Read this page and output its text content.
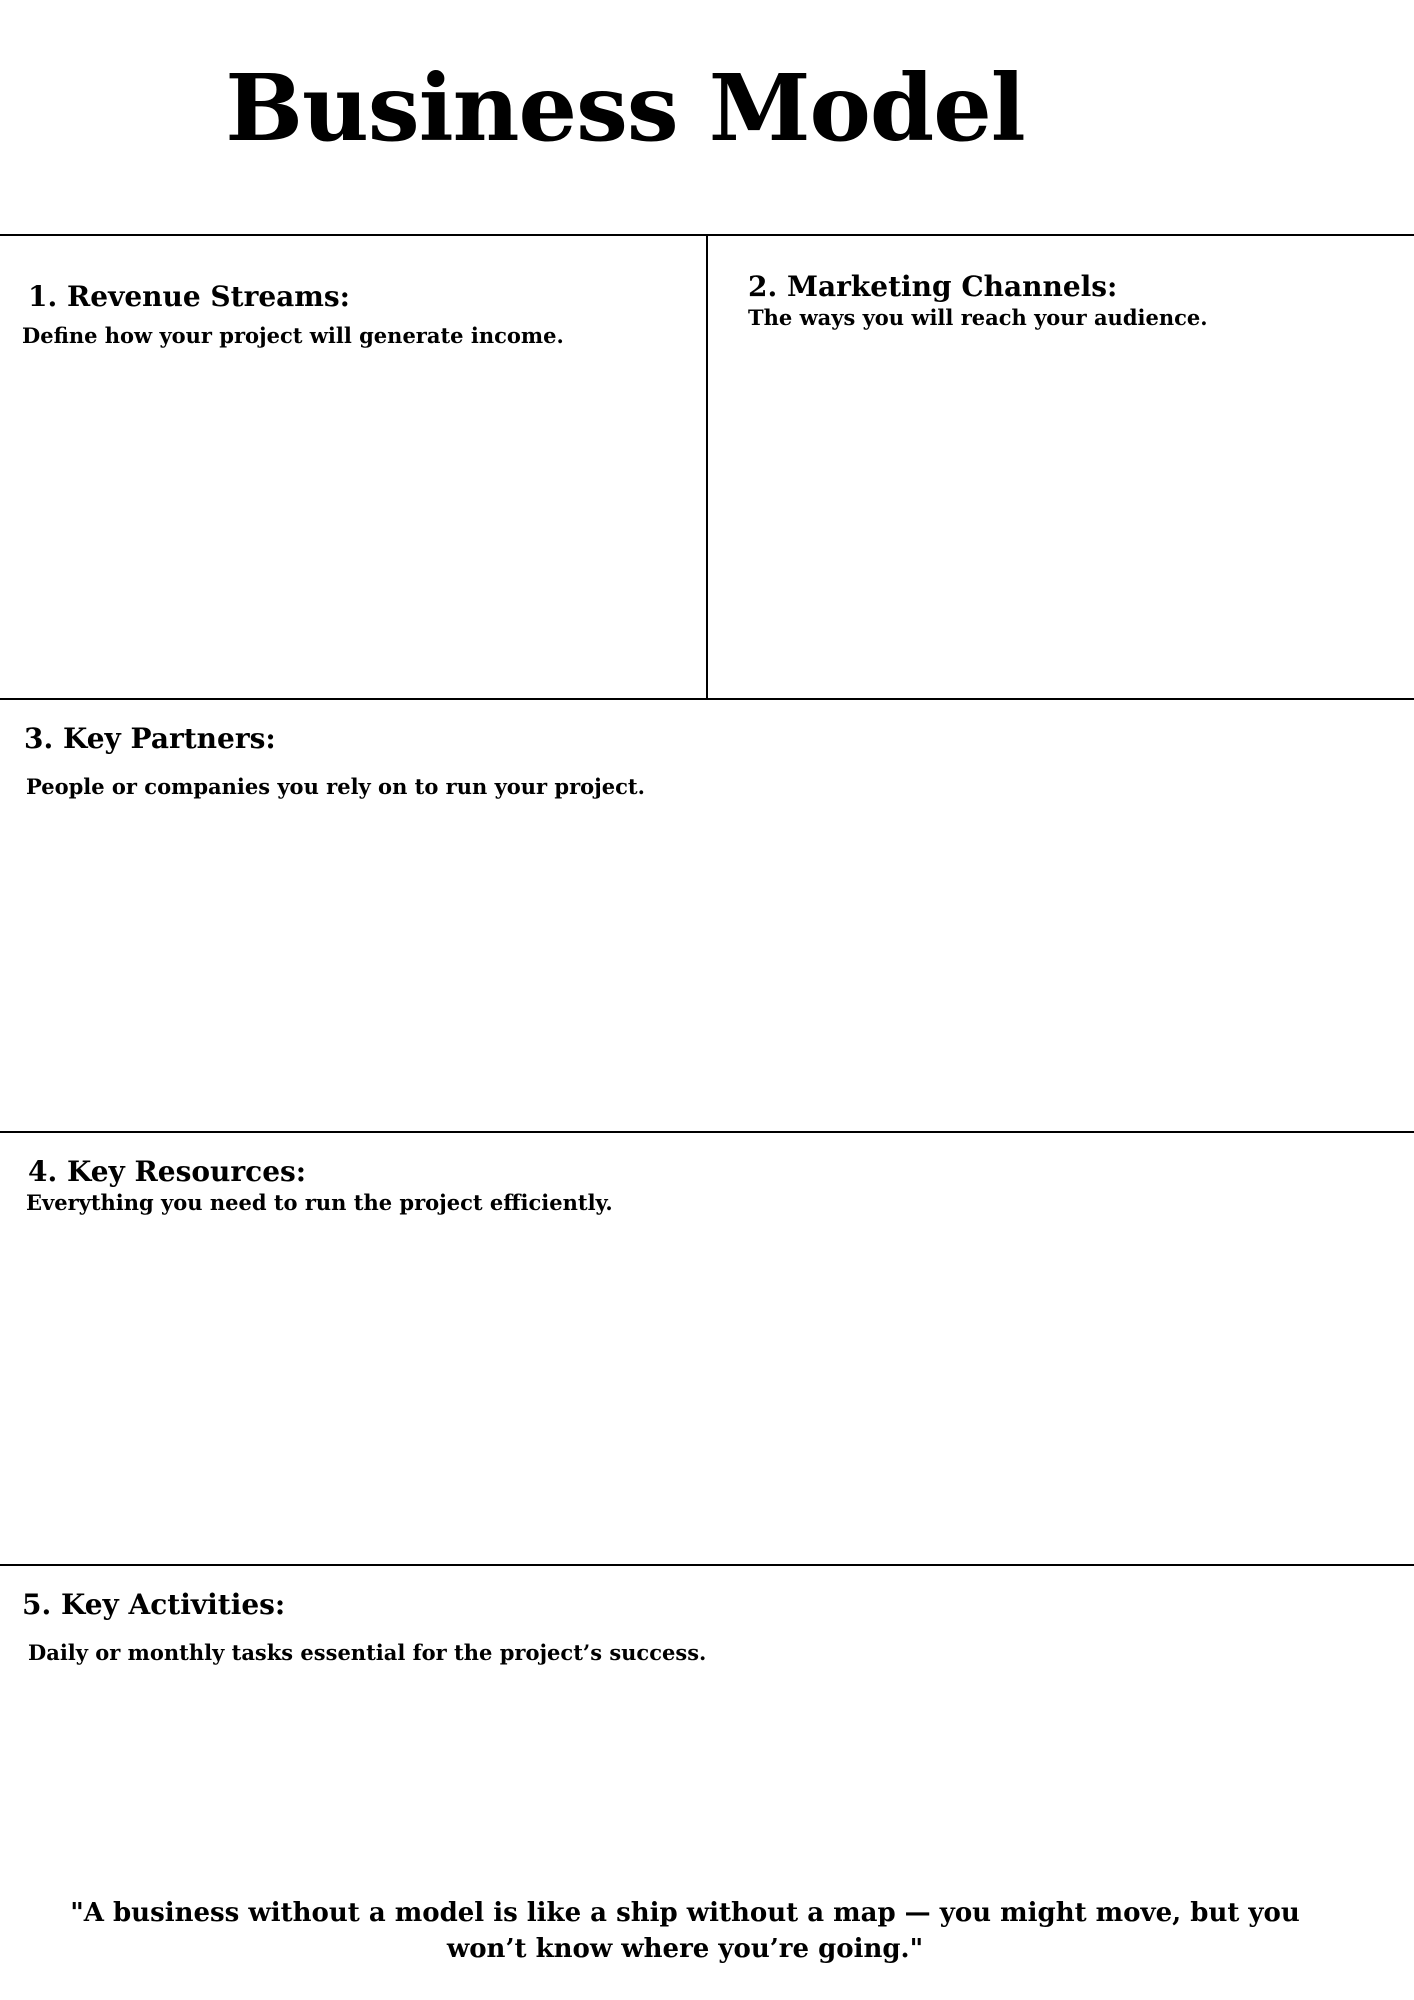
Business Model

1. Revenue Streams:

Define how your project will generate income.

2. Marketing Channels:

The ways you will reach your audience.

3. Key Partners:

People or companies you rely on to run your project.

4. Key Resources:

Everything you need to run the project efficiently.

5. Key Activities:

Daily or monthly tasks essential for the project’s success.

"A business without a model is like a ship without a map — you might move, but you won’t know where you’re going."
